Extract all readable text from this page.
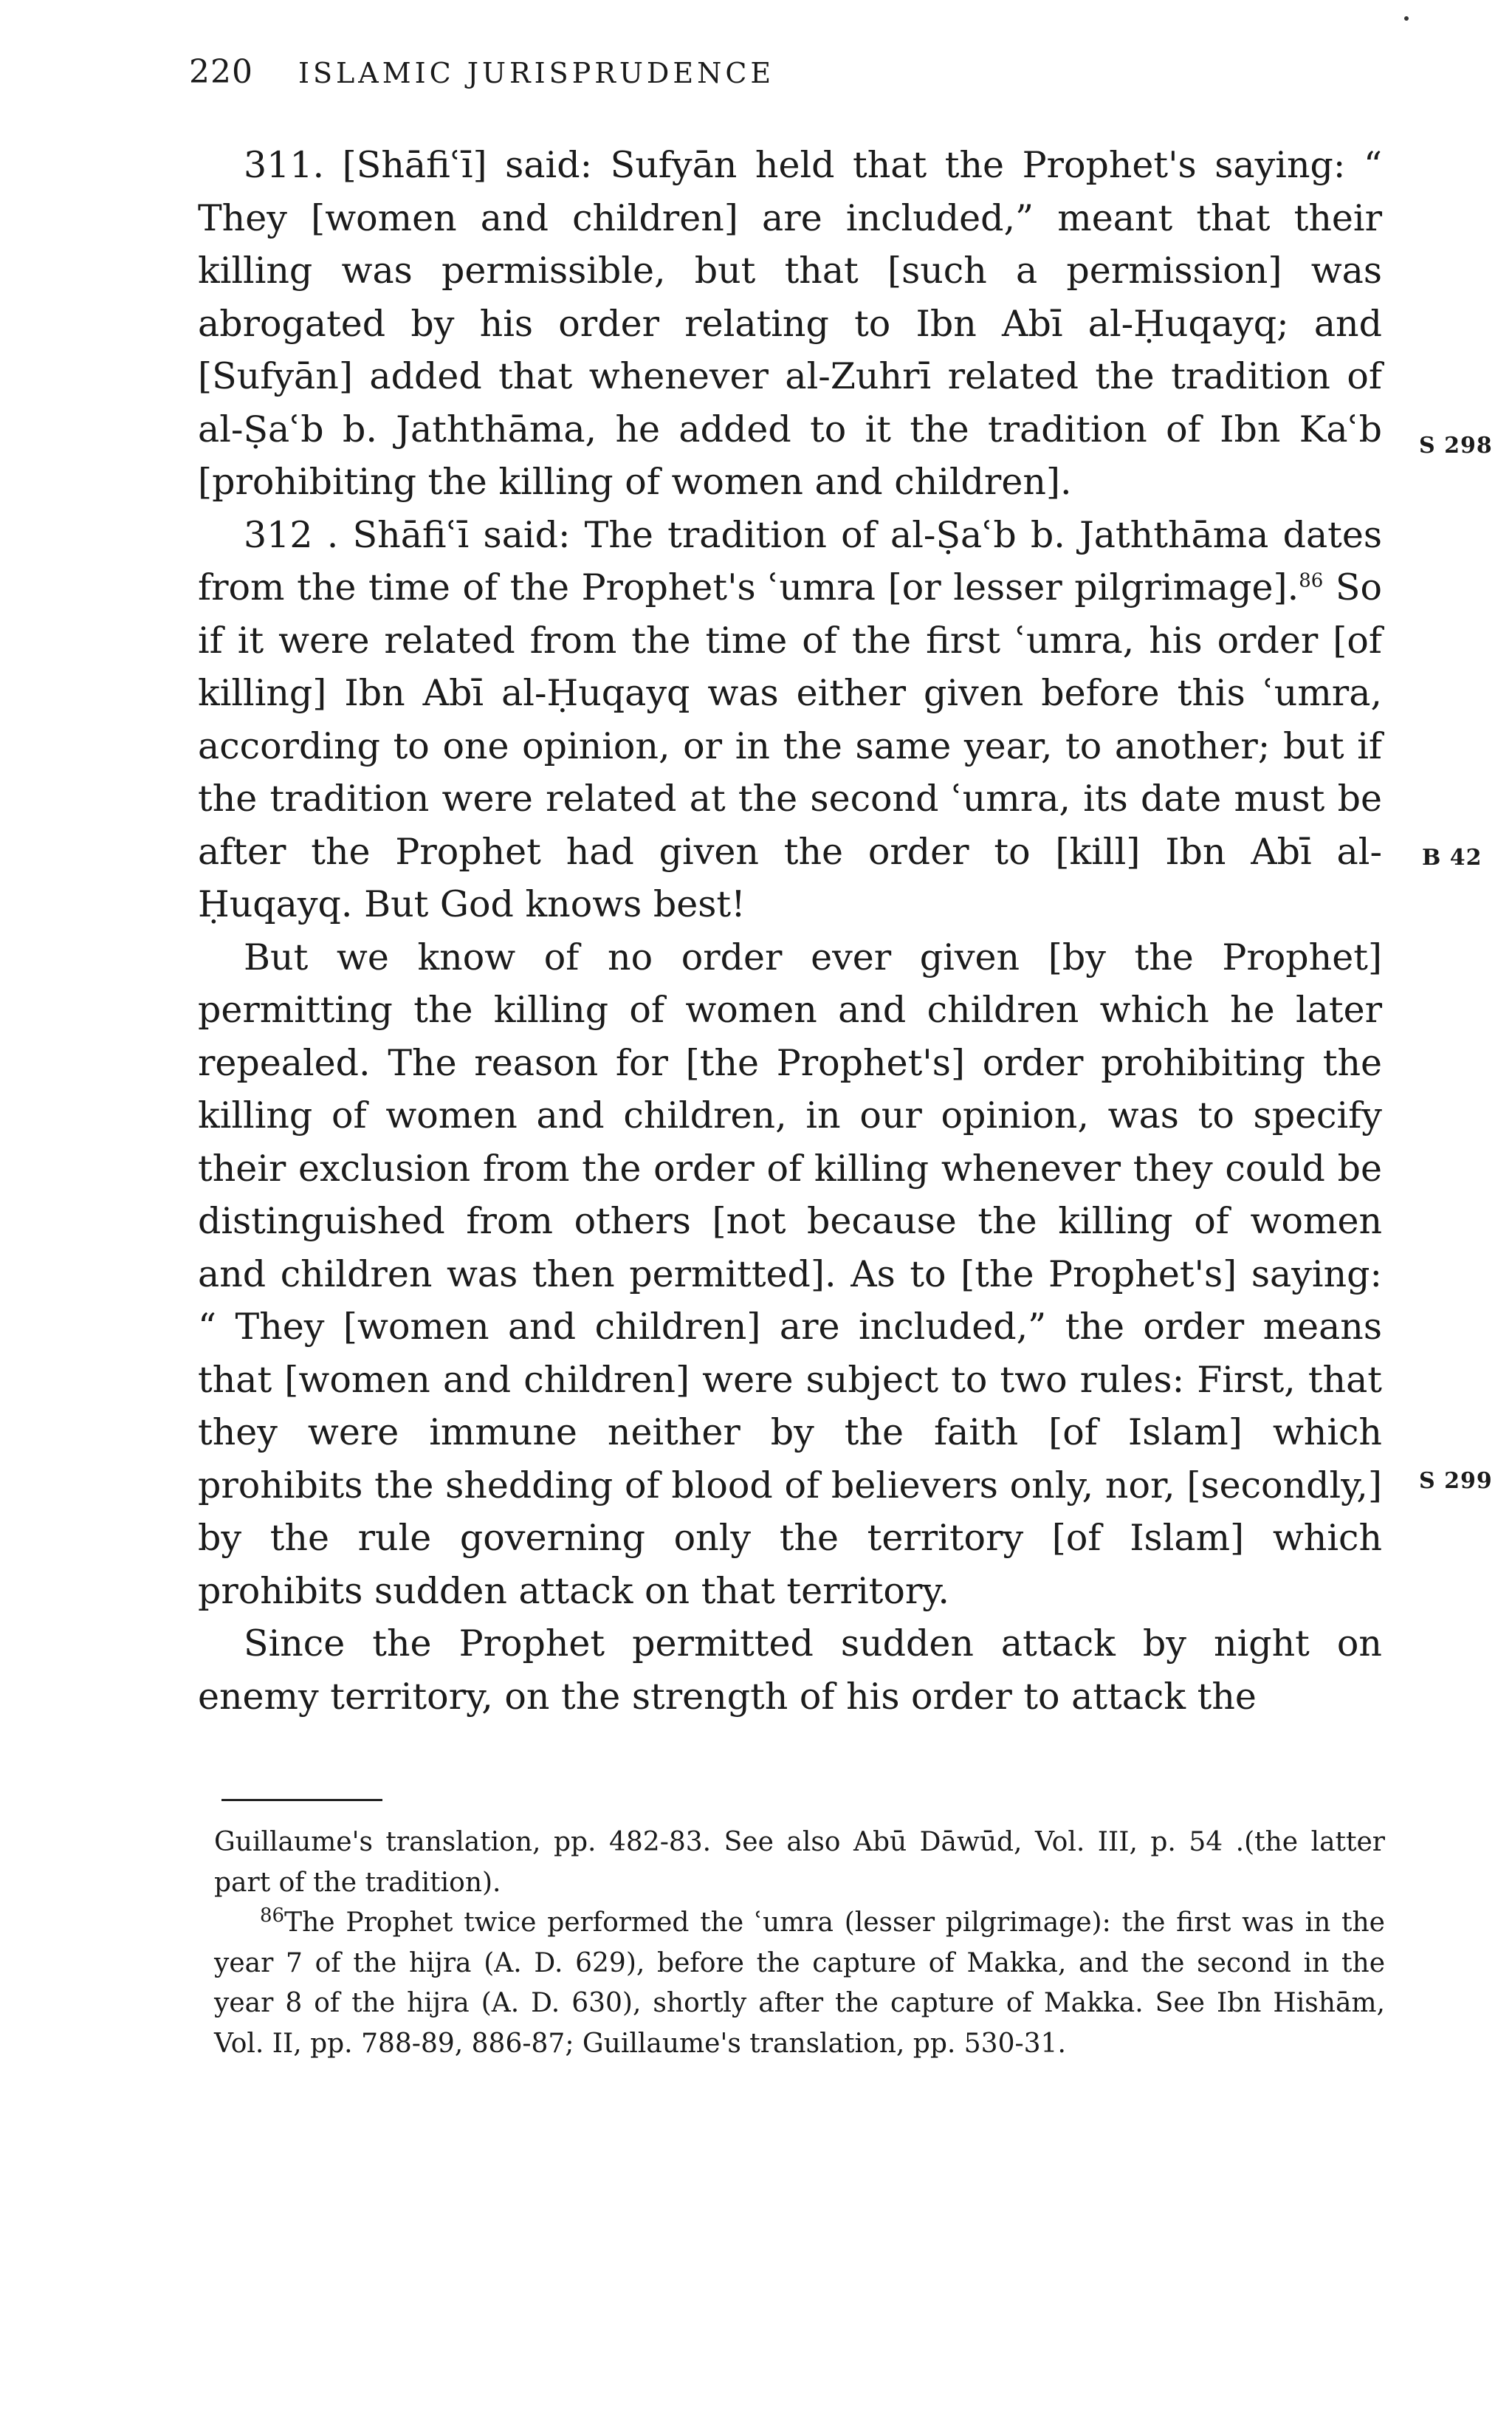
220 ISLAMIC JURISPRUDENCE

311. [Shāfiʿī] said: Sufyān held that the Prophet's saying: “ They [women and children] are included,” meant that their killing was permissible, but that [such a permission] was abrogated by his order relating to Ibn Abī al-Ḥuqayq; and [Sufyān] added that whenever al-Zuhrī related the tradition of al-Ṣaʿb b. Jaththāma, he added to it the tradition of Ibn Kaʿb [prohibiting the killing of women and children].

312 . Shāfiʿī said: The tradition of al-Ṣaʿb b. Jaththāma dates from the time of the Prophet's ʿumra [or lesser pilgrimage].$^{86}$ So if it were related from the time of the first ʿumra, his order [of killing] Ibn Abī al-Ḥuqayq was either given before this ʿumra, according to one opinion, or in the same year, to another; but if the tradition were related at the second ʿumra, its date must be after the Prophet had given the order to [kill] Ibn Abī al-Ḥuqayq. But God knows best!

But we know of no order ever given [by the Prophet] permitting the killing of women and children which he later repealed. The reason for [the Prophet's] order prohibiting the killing of women and children, in our opinion, was to specify their exclusion from the order of killing whenever they could be distinguished from others [not because the killing of women and children was then permitted]. As to [the Prophet's] saying: “ They [women and children] are included,” the order means that [women and children] were subject to two rules: First, that they were immune neither by the faith [of Islam] which prohibits the shedding of blood of believers only, nor, [secondly,] by the rule governing only the territory [of Islam] which prohibits sudden attack on that territory.

Since the Prophet permitted sudden attack by night on enemy territory, on the strength of his order to attack the

S 298
B 42
S 299

Guillaume's translation, pp. 482-83. See also Abū Dāwūd, Vol. III, p. 54 .(the latter part of the tradition).

$^{86}$The Prophet twice performed the ʿumra (lesser pilgrimage): the first was in the year 7 of the hijra (A. D. 629), before the capture of Makka, and the second in the year 8 of the hijra (A. D. 630), shortly after the capture of Makka. See Ibn Hishām, Vol. II, pp. 788-89, 886-87; Guillaume's translation, pp. 530-31.
